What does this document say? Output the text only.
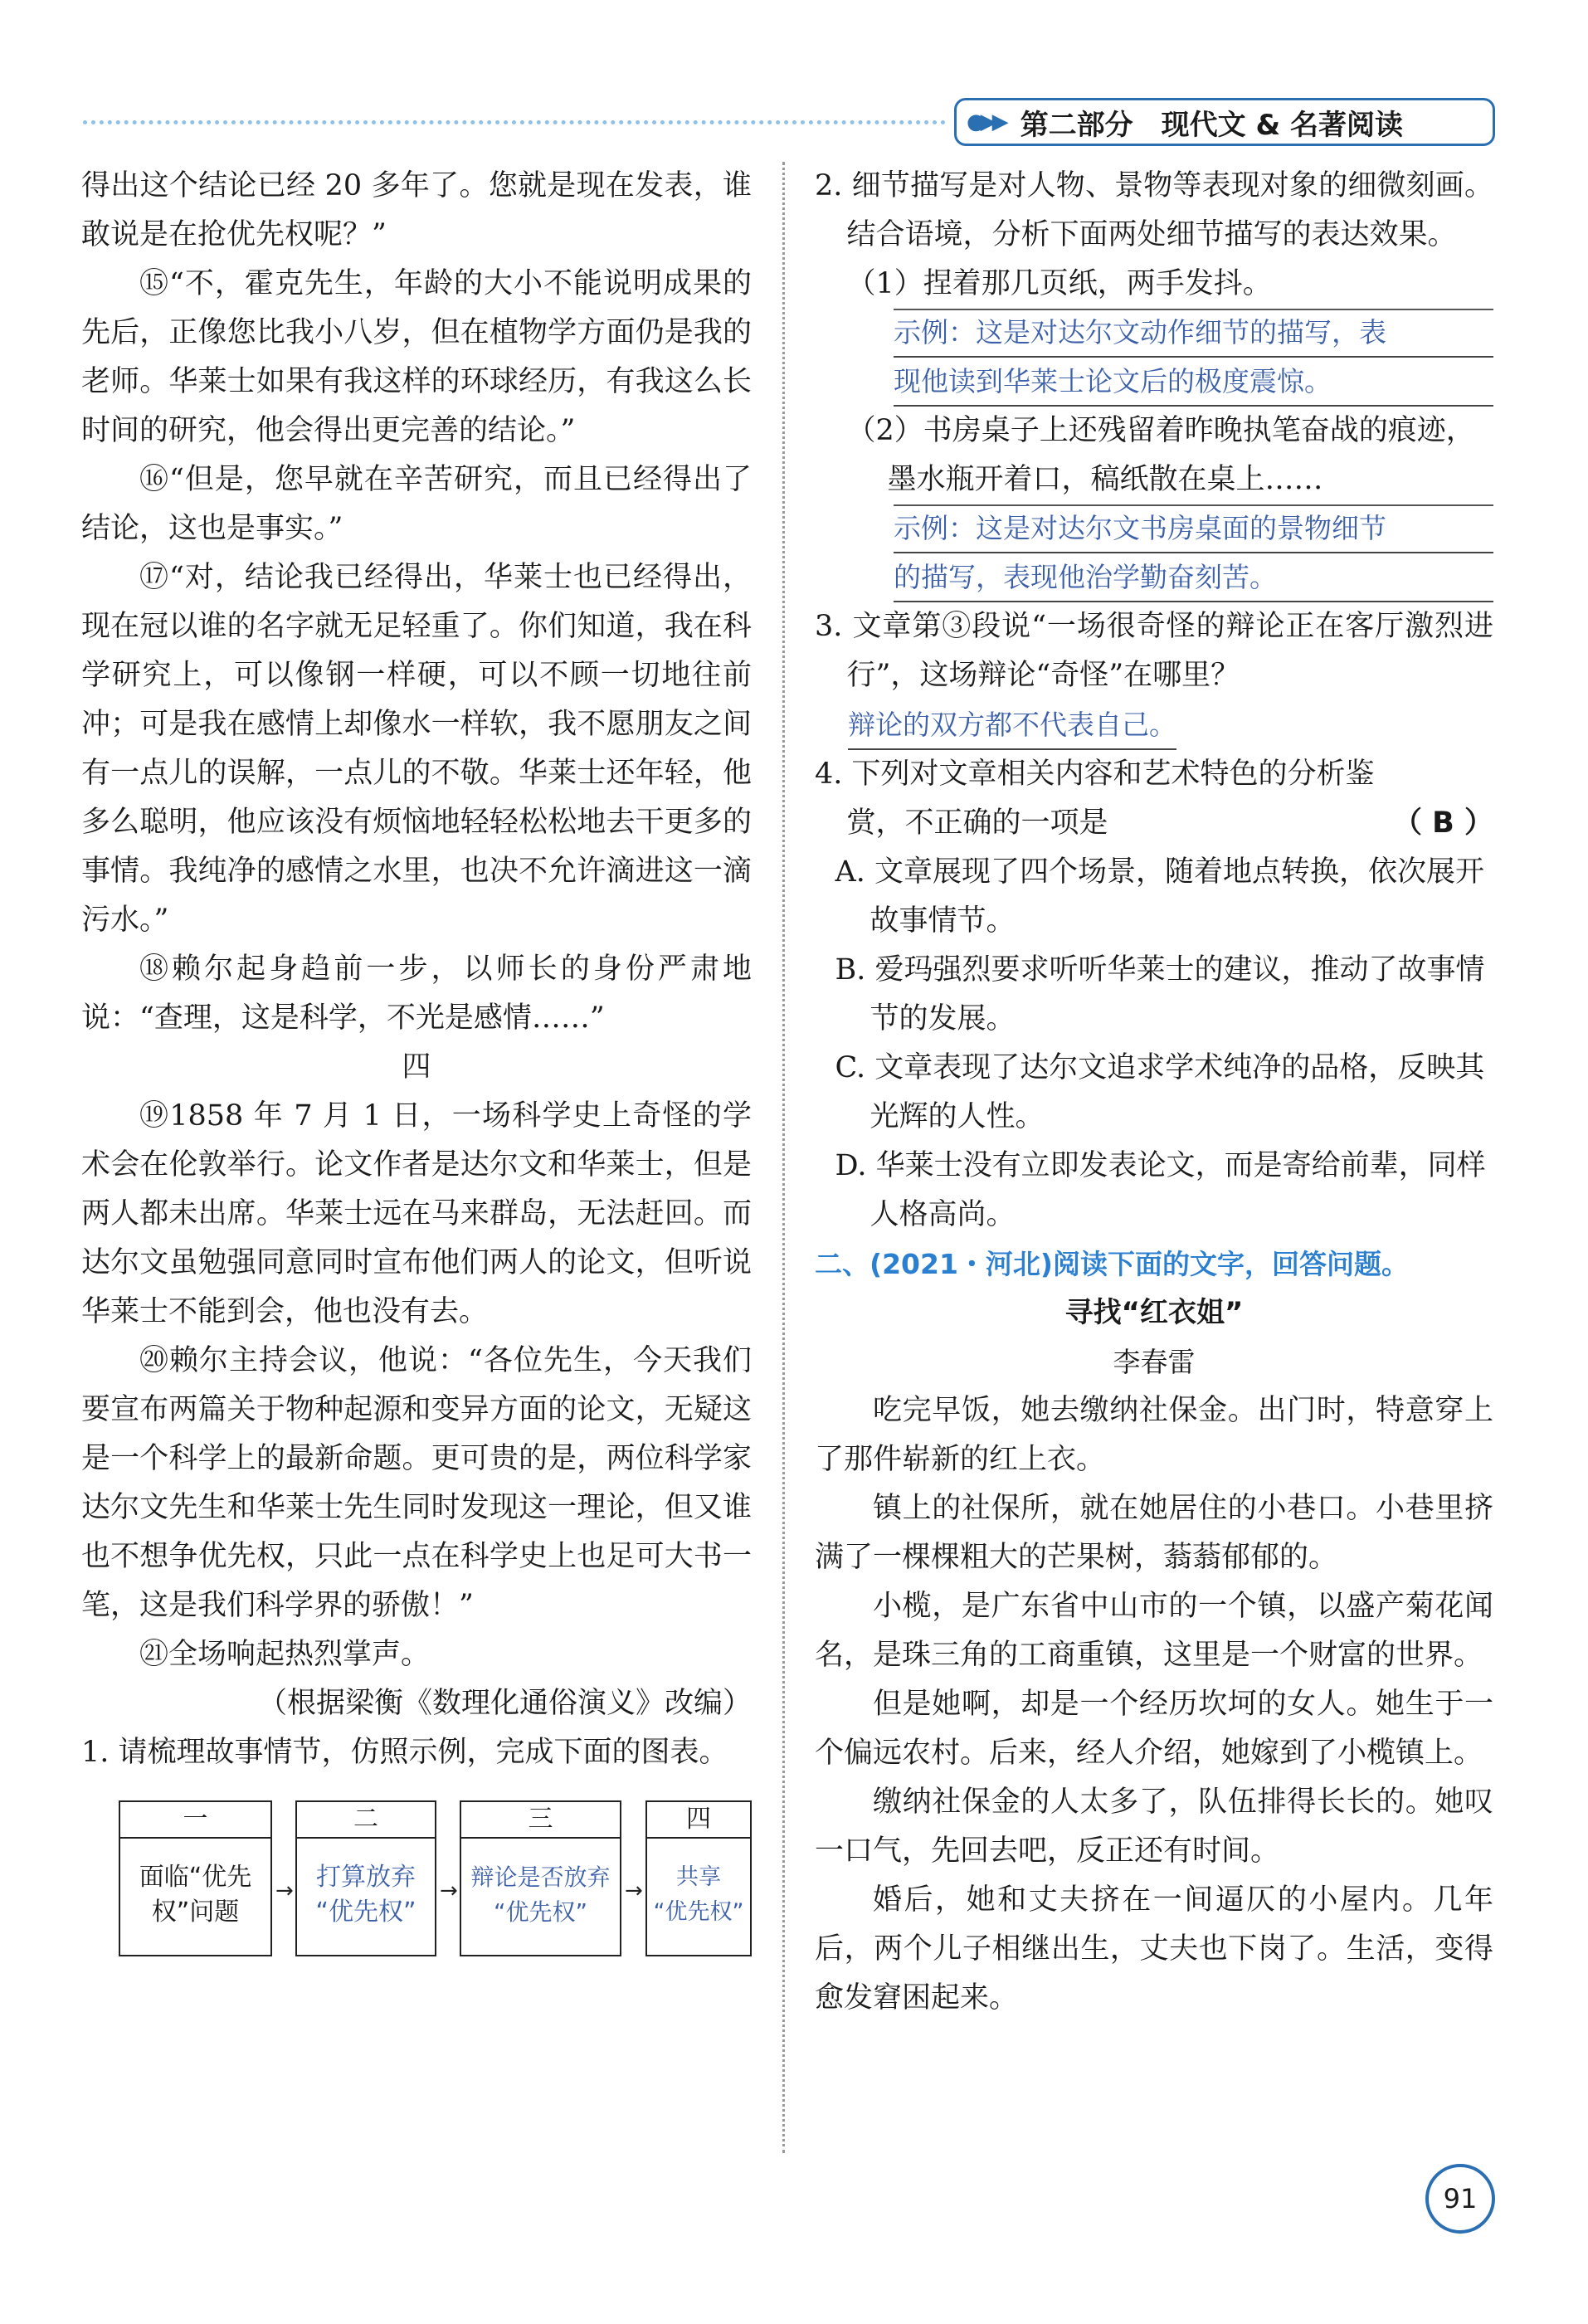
●▶▶ 第二部分　现代文 & 名著阅读

得出这个结论已经 20 多年了。您就是现在发表，谁敢说是在抢优先权呢？”

⑮“不，霍克先生，年龄的大小不能说明成果的先后，正像您比我小八岁，但在植物学方面仍是我的老师。华莱士如果有我这样的环球经历，有我这么长时间的研究，他会得出更完善的结论。”

⑯“但是，您早就在辛苦研究，而且已经得出了结论，这也是事实。”

⑰“对，结论我已经得出，华莱士也已经得出，现在冠以谁的名字就无足轻重了。你们知道，我在科学研究上，可以像钢一样硬，可以不顾一切地往前冲；可是我在感情上却像水一样软，我不愿朋友之间有一点儿的误解，一点儿的不敬。华莱士还年轻，他多么聪明，他应该没有烦恼地轻轻松松地去干更多的事情。我纯净的感情之水里，也决不允许滴进这一滴污水。”

⑱赖尔起身趋前一步，以师长的身份严肃地说：“查理，这是科学，不光是感情……”

四

⑲1858 年 7 月 1 日，一场科学史上奇怪的学术会在伦敦举行。论文作者是达尔文和华莱士，但是两人都未出席。华莱士远在马来群岛，无法赶回。而达尔文虽勉强同意同时宣布他们两人的论文，但听说华莱士不能到会，他也没有去。

⑳赖尔主持会议，他说：“各位先生，今天我们要宣布两篇关于物种起源和变异方面的论文，无疑这是一个科学上的最新命题。更可贵的是，两位科学家达尔文先生和华莱士先生同时发现这一理论，但又谁也不想争优先权，只此一点在科学史上也足可大书一笔，这是我们科学界的骄傲！”

㉑全场响起热烈掌声。

（根据梁衡《数理化通俗演义》改编）

1. 请梳理故事情节，仿照示例，完成下面的图表。

一
面临“优先
权”问题
→
二
打算放弃
“优先权”
→
三
辩论是否放弃
“优先权”
→
四
共享
“优先权”

2. 细节描写是对人物、景物等表现对象的细微刻画。结合语境，分析下面两处细节描写的表达效果。

（1）捏着那几页纸，两手发抖。

示例：这是对达尔文动作细节的描写，表
现他读到华莱士论文后的极度震惊。

（2）书房桌子上还残留着昨晚执笔奋战的痕迹，墨水瓶开着口，稿纸散在桌上……

示例：这是对达尔文书房桌面的景物细节
的描写，表现他治学勤奋刻苦。

3. 文章第③段说“一场很奇怪的辩论正在客厅激烈进行”，这场辩论“奇怪”在哪里？

辩论的双方都不代表自己。

4. 下列对文章相关内容和艺术特色的分析鉴

赏，不正确的一项是	（ B ）

A. 文章展现了四个场景，随着地点转换，依次展开故事情节。

B. 爱玛强烈要求听听华莱士的建议，推动了故事情节的发展。

C. 文章表现了达尔文追求学术纯净的品格，反映其光辉的人性。

D. 华莱士没有立即发表论文，而是寄给前辈，同样人格高尚。

二、(2021・河北)阅读下面的文字，回答问题。

寻找“红衣姐”

李春雷

吃完早饭，她去缴纳社保金。出门时，特意穿上了那件崭新的红上衣。

镇上的社保所，就在她居住的小巷口。小巷里挤满了一棵棵粗大的芒果树，蓊蓊郁郁的。

小榄，是广东省中山市的一个镇，以盛产菊花闻名，是珠三角的工商重镇，这里是一个财富的世界。

但是她啊，却是一个经历坎坷的女人。她生于一个偏远农村。后来，经人介绍，她嫁到了小榄镇上。

缴纳社保金的人太多了，队伍排得长长的。她叹一口气，先回去吧，反正还有时间。

婚后，她和丈夫挤在一间逼仄的小屋内。几年后，两个儿子相继出生，丈夫也下岗了。生活，变得愈发窘困起来。

91
